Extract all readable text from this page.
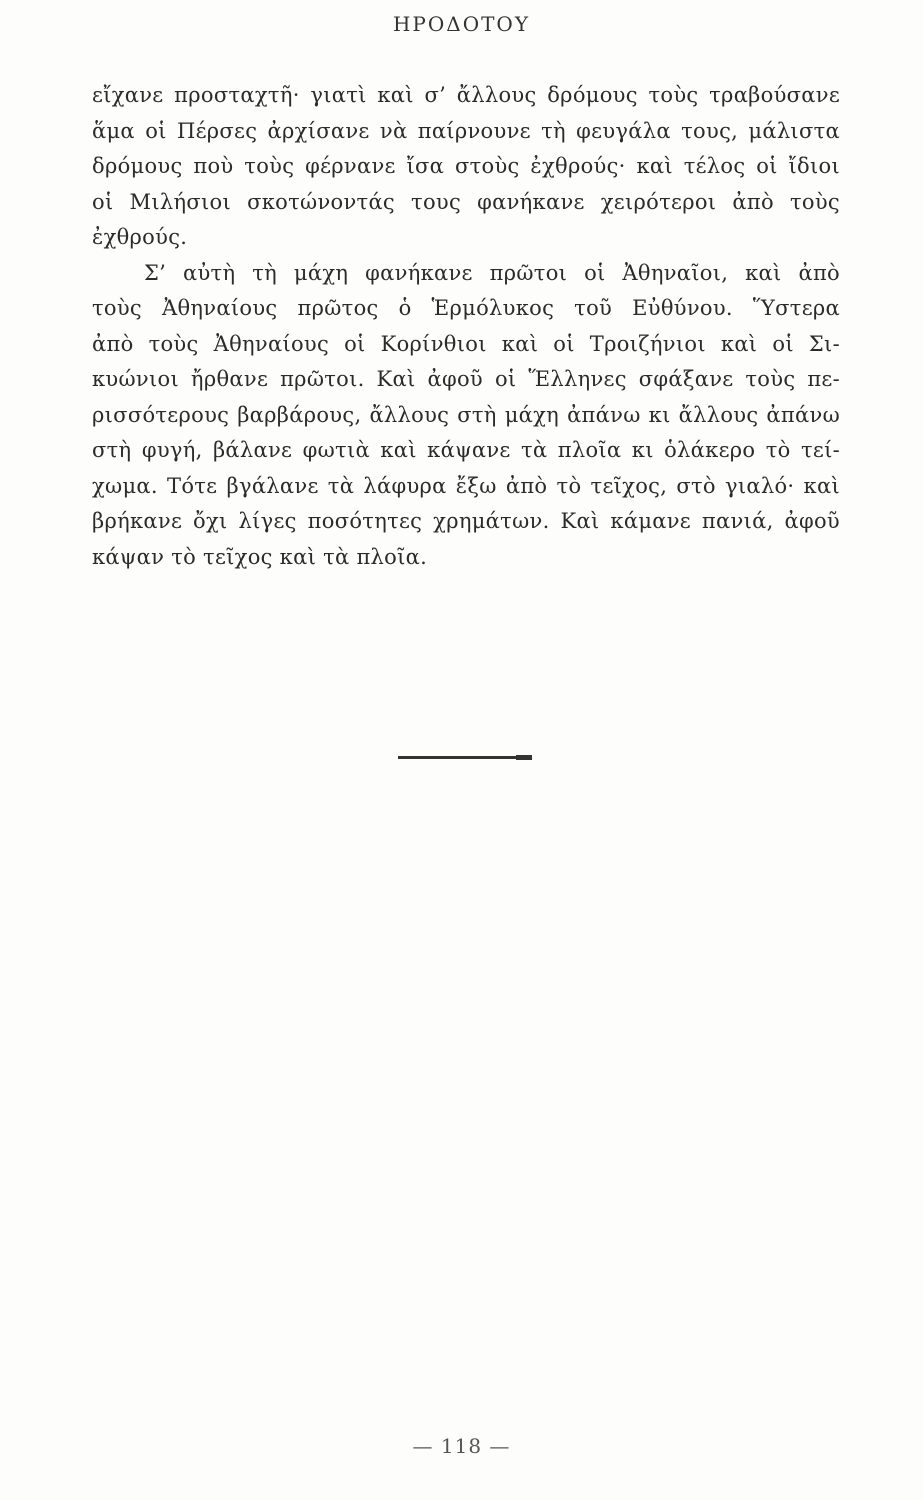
ΗΡΟΔΟΤΟΥ
εἴχανε προσταχτῆ· γιατὶ καὶ σ’ ἄλλους δρόμους τοὺς τραβούσανε
ἅμα οἱ Πέρσες ἀρχίσανε νὰ παίρνουνε τὴ φευγάλα τους, μάλιστα
δρόμους ποὺ τοὺς φέρνανε ἴσα στοὺς ἐχθρούς· καὶ τέλος οἱ ἴδιοι
οἱ Μιλήσιοι σκοτώνοντάς τους φανήκανε χειρότεροι ἀπὸ τοὺς
ἐχθρούς.
Σ’ αὐτὴ τὴ μάχη φανήκανε πρῶτοι οἱ Ἀθηναῖοι, καὶ ἀπὸ
τοὺς Ἀθηναίους πρῶτος ὁ Ἑρμόλυκος τοῦ Εὐθύνου. Ὕστερα
ἀπὸ τοὺς Ἀθηναίους οἱ Κορίνθιοι καὶ οἱ Τροιζήνιοι καὶ οἱ Σι-
κυώνιοι ἤρθανε πρῶτοι. Καὶ ἀφοῦ οἱ Ἕλληνες σφάξανε τοὺς πε-
ρισσότερους βαρβάρους, ἄλλους στὴ μάχη ἀπάνω κι ἄλλους ἀπάνω
στὴ φυγή, βάλανε φωτιὰ καὶ κάψανε τὰ πλοῖα κι ὁλάκερο τὸ τεί-
χωμα. Τότε βγάλανε τὰ λάφυρα ἔξω ἀπὸ τὸ τεῖχος, στὸ γιαλό· καὶ
βρήκανε ὄχι λίγες ποσότητες χρημάτων. Καὶ κάμανε πανιά, ἀφοῦ
κάψαν τὸ τεῖχος καὶ τὰ πλοῖα.
— 118 —
